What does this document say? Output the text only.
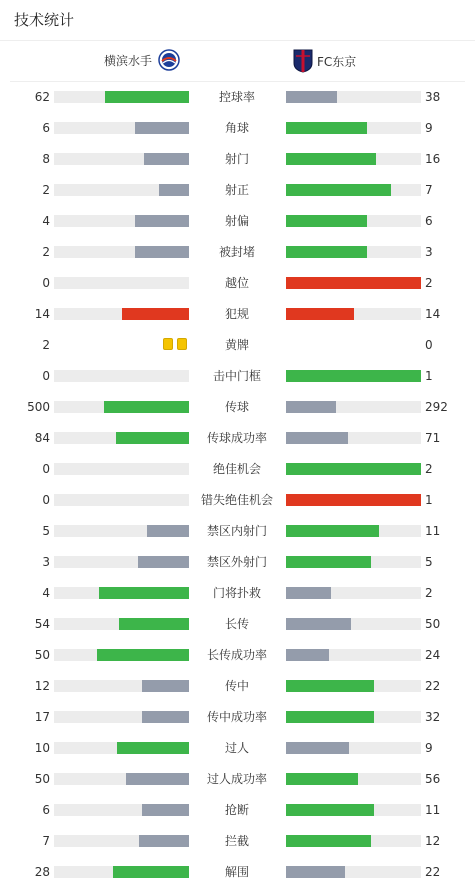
技术统计
横滨水手	FC东京
62	控球率	38
6	角球	9
8	射门	16
2	射正	7
4	射偏	6
2	被封堵	3
0	越位	2
14	犯规	14
2	黄牌	0
0	击中门框	1
500	传球	292
84	传球成功率	71
0	绝佳机会	2
0	错失绝佳机会	1
5	禁区内射门	11
3	禁区外射门	5
4	门将扑救	2
54	长传	50
50	长传成功率	24
12	传中	22
17	传中成功率	32
10	过人	9
50	过人成功率	56
6	抢断	11
7	拦截	12
28	解围	22
